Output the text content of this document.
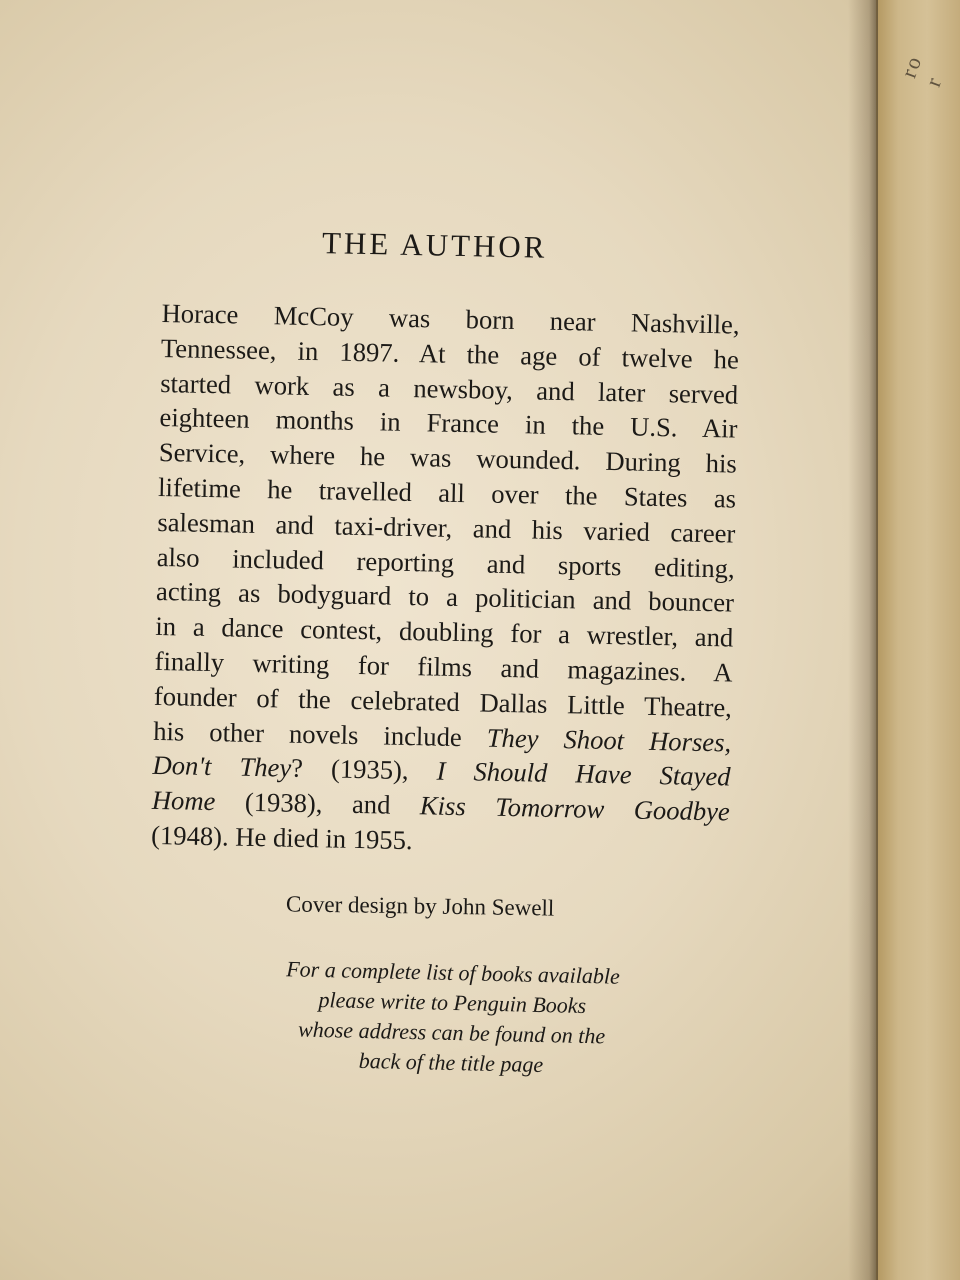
ro r
THE AUTHOR
Horace McCoy was born near Nashville,
Tennessee, in 1897. At the age of twelve he
started work as a newsboy, and later served
eighteen months in France in the U.S. Air
Service, where he was wounded. During his
lifetime he travelled all over the States as
salesman and taxi-driver, and his varied career
also included reporting and sports editing,
acting as bodyguard to a politician and bouncer
in a dance contest, doubling for a wrestler, and
finally writing for films and magazines. A
founder of the celebrated Dallas Little Theatre,
his other novels include They Shoot Horses,
Don't They? (1935), I Should Have Stayed
Home (1938), and Kiss Tomorrow Goodbye
(1948). He died in 1955.

Cover design by John Sewell

For a complete list of books available
please write to Penguin Books
whose address can be found on the
back of the title page
